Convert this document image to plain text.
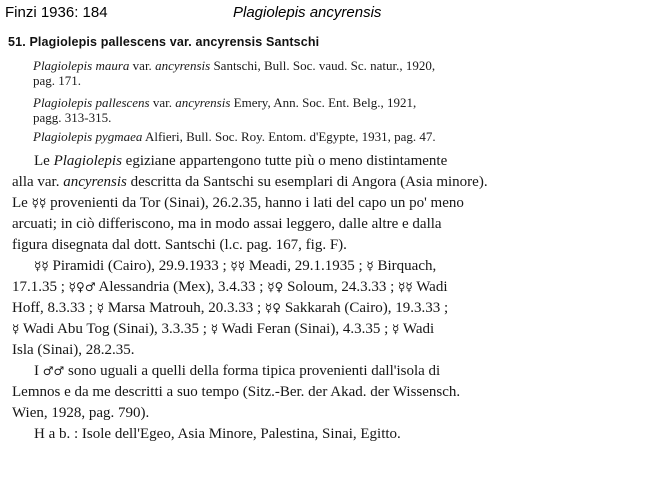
Finzi 1936: 184	Plagiolepis ancyrensis
51. Plagiolepis pallescens var. ancyrensis Santschi
Plagiolepis maura var. ancyrensis Santschi, Bull. Soc. vaud. Sc. natur., 1920,
pag. 171.
Plagiolepis pallescens var. ancyrensis Emery, Ann. Soc. Ent. Belg., 1921,
pagg. 313-315.
Plagiolepis pygmaea Alfieri, Bull. Soc. Roy. Entom. d'Egypte, 1931, pag. 47.
Le Plagiolepis egiziane appartengono tutte più o meno distintamente
alla var. ancyrensis descritta da Santschi su esemplari di Angora (Asia minore).
Le ☿☿ provenienti da Tor (Sinai), 26.2.35, hanno i lati del capo un po' meno
arcuati; in ciò differiscono, ma in modo assai leggero, dalle altre e dalla
figura disegnata dal dott. Santschi (l.c. pag. 167, fig. F).
☿☿ Piramidi (Cairo), 29.9.1933 ; ☿☿ Meadi, 29.1.1935 ; ☿ Birquach,
17.1.35 ; ☿♀♂ Alessandria (Mex), 3.4.33 ; ☿♀ Soloum, 24.3.33 ; ☿☿ Wadi
Hoff, 8.3.33 ; ☿ Marsa Matrouh, 20.3.33 ; ☿♀ Sakkarah (Cairo), 19.3.33 ;
☿ Wadi Abu Tog (Sinai), 3.3.35 ; ☿ Wadi Feran (Sinai), 4.3.35 ; ☿ Wadi
Isla (Sinai), 28.2.35.
I ♂♂ sono uguali a quelli della forma tipica provenienti dall'isola di
Lemnos e da me descritti a suo tempo (Sitz.-Ber. der Akad. der Wissensch.
Wien, 1928, pag. 790).
H a b. : Isole dell'Egeo, Asia Minore, Palestina, Sinai, Egitto.
